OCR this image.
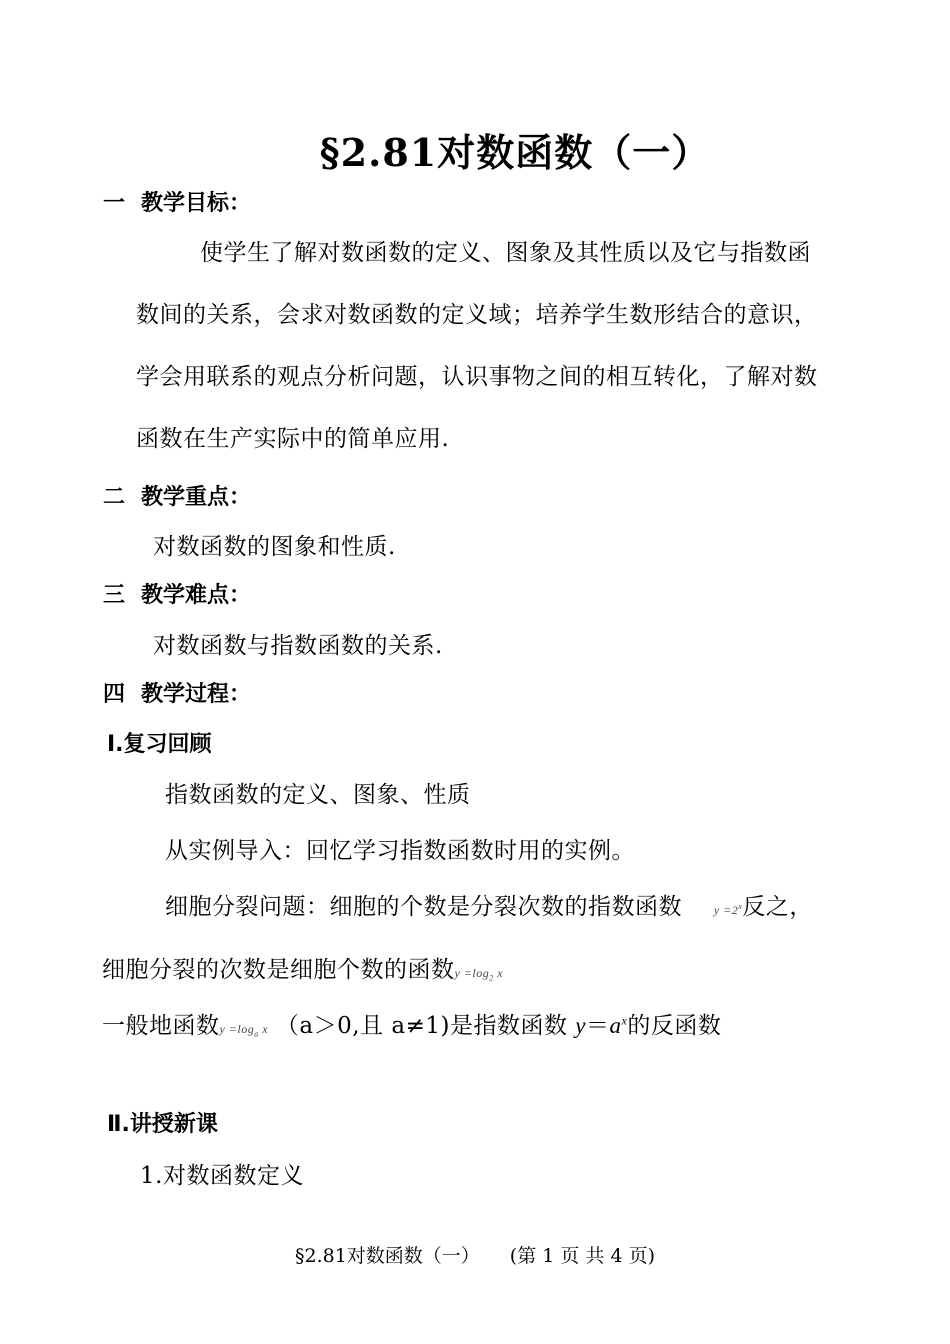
§2.81对数函数（一）
一 教学目标：
使学生了解对数函数的定义、图象及其性质以及它与指数函
数间的关系，会求对数函数的定义域；培养学生数形结合的意识，
学会用联系的观点分析问题，认识事物之间的相互转化，了解对数
函数在生产实际中的简单应用.
二 教学重点：
对数函数的图象和性质.
三 教学难点：
对数函数与指数函数的关系.
四 教学过程：
Ⅰ.复习回顾
指数函数的定义、图象、性质
从实例导入：回忆学习指数函数时用的实例。
细胞分裂问题：细胞的个数是分裂次数的指数函数	$y =2^x$反之，
细胞分裂的次数是细胞个数的函数$y =\log_2$ x
一般地函数$y =\log_a$ x （a＞0,且 a≠1)是指数函数 $y=a^x$的反函数
Ⅱ.讲授新课
1.对数函数定义
§2.81对数函数（一） (第 1 页 共 4 页)
